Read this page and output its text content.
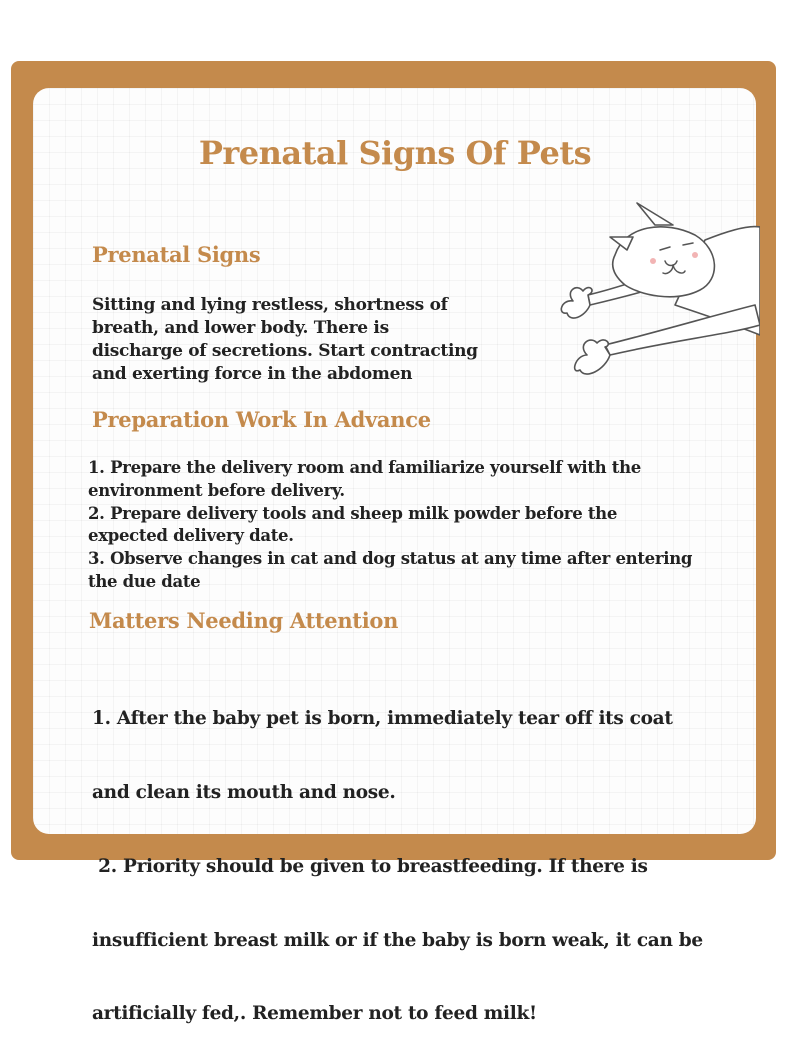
Prenatal Signs Of Pets
Prenatal Signs

Sitting and lying restless, shortness of

breath, and lower body. There is

discharge of secretions. Start contracting

and exerting force in the abdomen

Preparation Work In Advance

1. Prepare the delivery room and familiarize yourself with the

environment before delivery.

2. Prepare delivery tools and sheep milk powder before the

expected delivery date.

3. Observe changes in cat and dog status at any time after entering

the due date

Matters Needing Attention

1. After the baby pet is born, immediately tear off its coat

and clean its mouth and nose.

2. Priority should be given to breastfeeding. If there is

insufficient breast milk or if the baby is born weak, it can be

artificially fed,. Remember not to feed milk!
